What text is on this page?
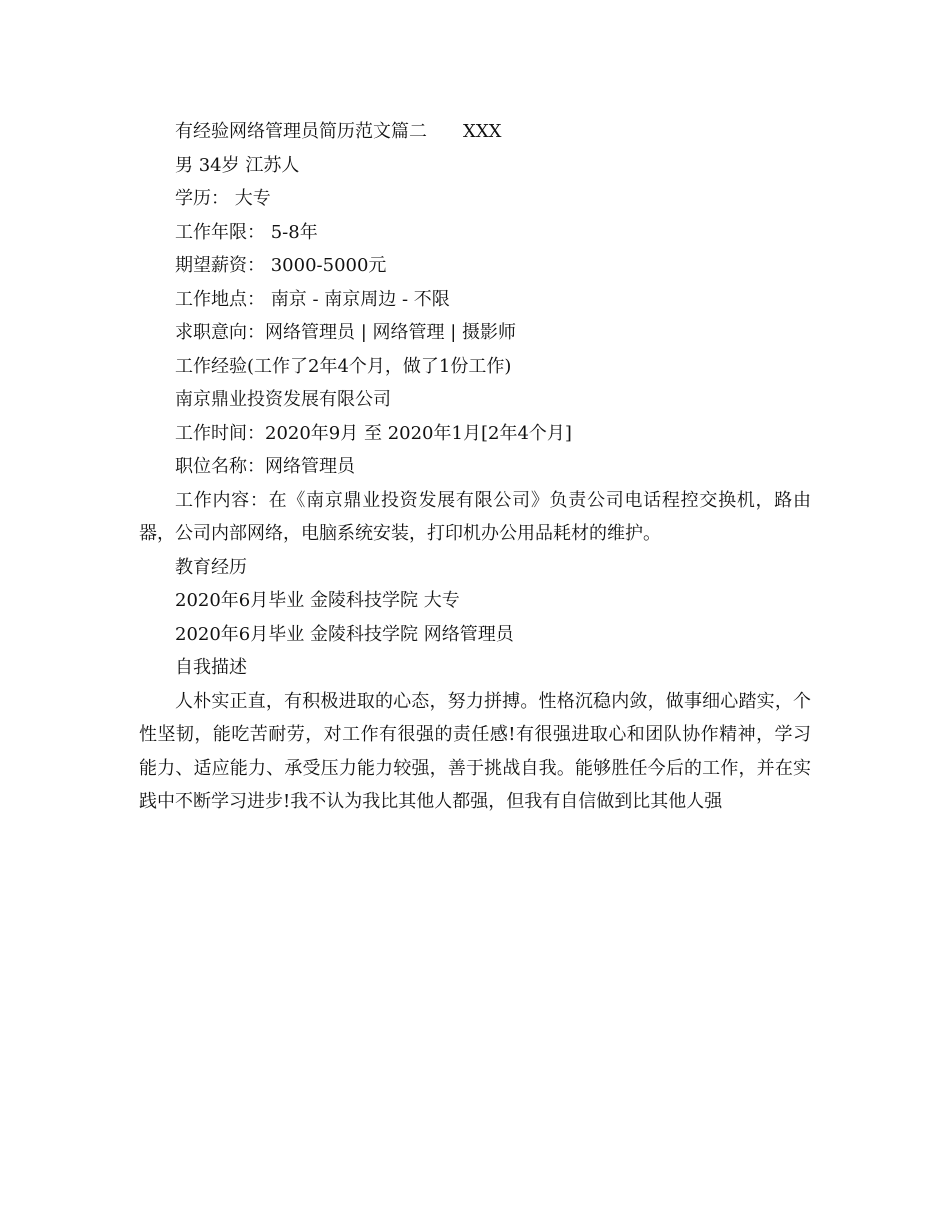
有经验网络管理员简历范文篇二 XXX
男 34岁 江苏人
学历： 大专
工作年限： 5-8年
期望薪资： 3000-5000元
工作地点： 南京 - 南京周边 - 不限
求职意向：网络管理员 | 网络管理 | 摄影师
工作经验(工作了2年4个月，做了1份工作)
南京鼎业投资发展有限公司
工作时间：2020年9月 至 2020年1月[2年4个月]
职位名称：网络管理员
工作内容：在《南京鼎业投资发展有限公司》负责公司电话程控交换机，路由器，公司内部网络，电脑系统安装，打印机办公用品耗材的维护。
教育经历
2020年6月毕业 金陵科技学院 大专
2020年6月毕业 金陵科技学院 网络管理员
自我描述
人朴实正直，有积极进取的心态，努力拼搏。性格沉稳内敛，做事细心踏实，个性坚韧，能吃苦耐劳，对工作有很强的责任感!有很强进取心和团队协作精神，学习能力、适应能力、承受压力能力较强，善于挑战自我。能够胜任今后的工作，并在实践中不断学习进步!我不认为我比其他人都强，但我有自信做到比其他人强
